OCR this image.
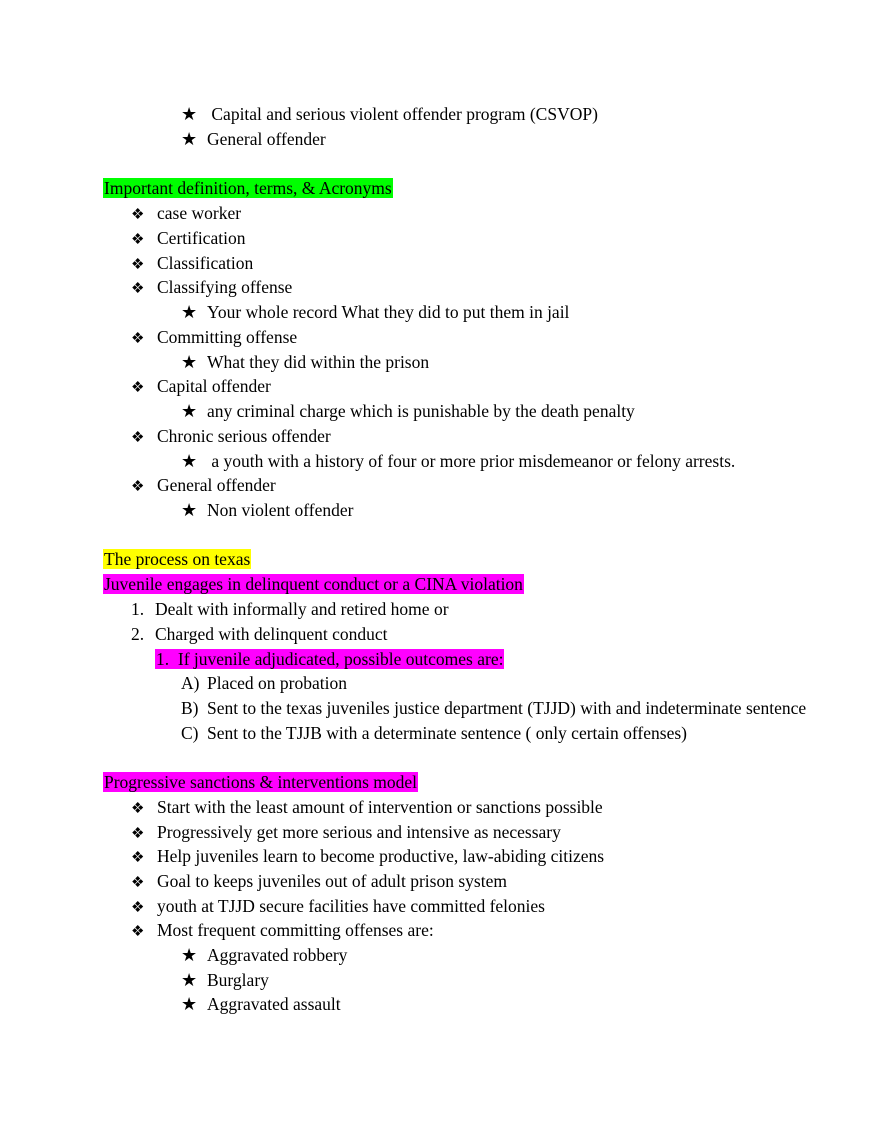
★ Capital and serious violent offender program (CSVOP)
★ General offender
Important definition, terms, & Acronyms
❖ case worker
❖ Certification
❖ Classification
❖ Classifying offense
★ Your whole record What they did to put them in jail
❖ Committing offense
★ What they did within the prison
❖ Capital offender
★ any criminal charge which is punishable by the death penalty
❖ Chronic serious offender
★ a youth with a history of four or more prior misdemeanor or felony arrests.
❖ General offender
★ Non violent offender
The process on texas
Juvenile engages in delinquent conduct or a CINA violation
1. Dealt with informally and retired home or
2. Charged with delinquent conduct
1. If juvenile adjudicated, possible outcomes are:
A) Placed on probation
B) Sent to the texas juveniles justice department (TJJD) with and indeterminate sentence
C) Sent to the TJJB with a determinate sentence ( only certain offenses)
Progressive sanctions & interventions model
❖ Start with the least amount of intervention or sanctions possible
❖ Progressively get more serious and intensive as necessary
❖ Help juveniles learn to become productive, law-abiding citizens
❖ Goal to keeps juveniles out of adult prison system
❖ youth at TJJD secure facilities have committed felonies
❖ Most frequent committing offenses are:
★ Aggravated robbery
★ Burglary
★ Aggravated assault
